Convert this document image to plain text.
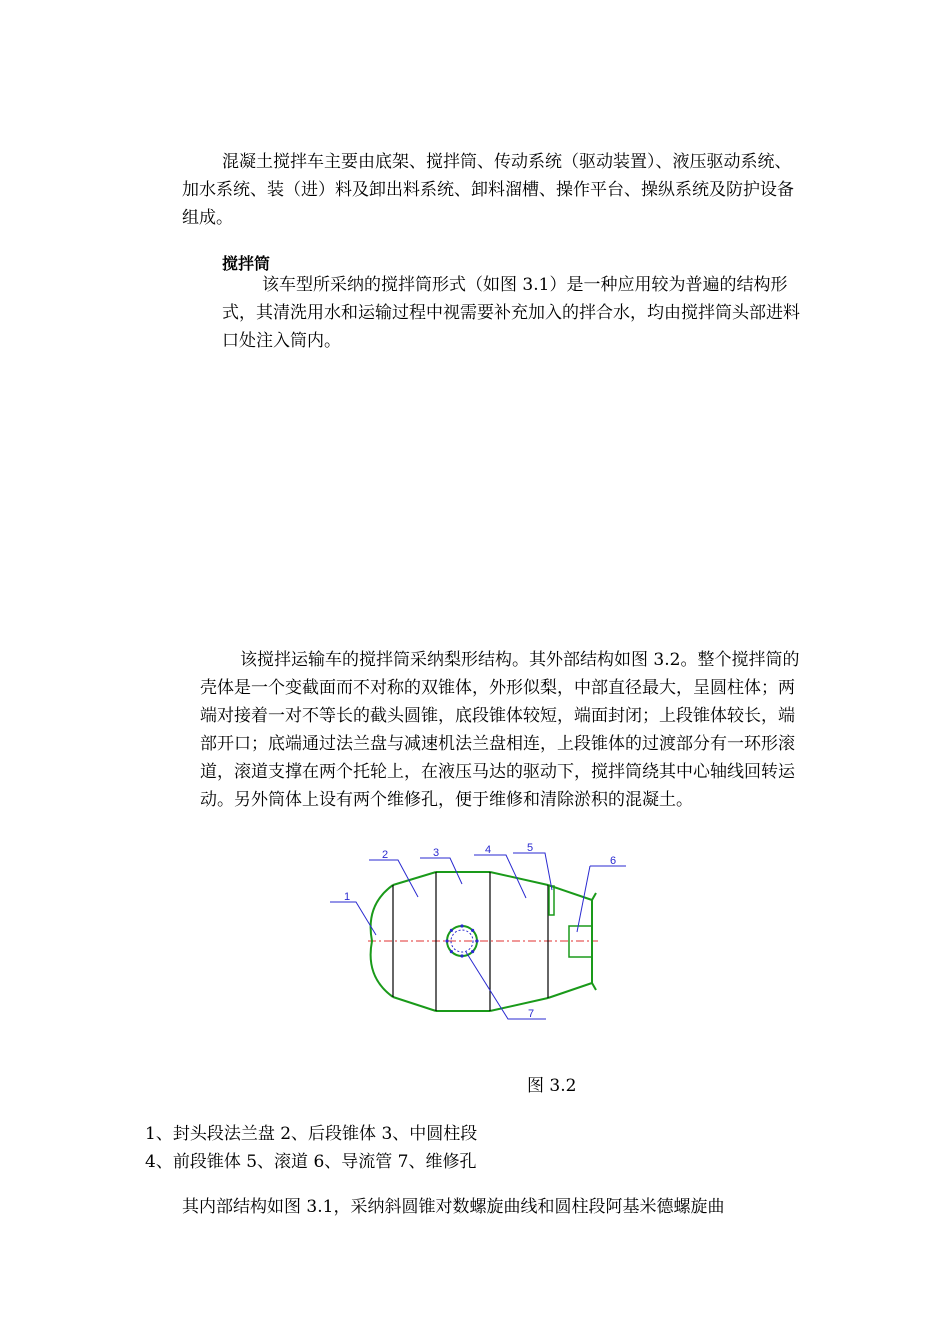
混凝土搅拌车主要由底架、搅拌筒、传动系统（驱动装置）、液压驱动系统、加水系统、装（进）料及卸出料系统、卸料溜槽、操作平台、操纵系统及防护设备组成。

搅拌筒

该车型所采纳的搅拌筒形式（如图 3.1）是一种应用较为普遍的结构形式，其清洗用水和运输过程中视需要补充加入的拌合水，均由搅拌筒头部进料口处注入筒内。

该搅拌运输车的搅拌筒采纳梨形结构。其外部结构如图 3.2。整个搅拌筒的壳体是一个变截面而不对称的双锥体，外形似梨，中部直径最大，呈圆柱体；两端对接着一对不等长的截头圆锥，底段锥体较短，端面封闭；上段锥体较长，端部开口；底端通过法兰盘与减速机法兰盘相连，上段锥体的过渡部分有一环形滚道，滚道支撑在两个托轮上，在液压马达的驱动下，搅拌筒绕其中心轴线回转运动。另外筒体上设有两个维修孔，便于维修和清除淤积的混凝土。

1
2	3	4	5
6
7
图 3.2
1、封头段法兰盘 2、后段锥体 3、中圆柱段
4、前段锥体 5、滚道 6、导流管 7、维修孔

其内部结构如图 3.1，采纳斜圆锥对数螺旋曲线和圆柱段阿基米德螺旋曲
